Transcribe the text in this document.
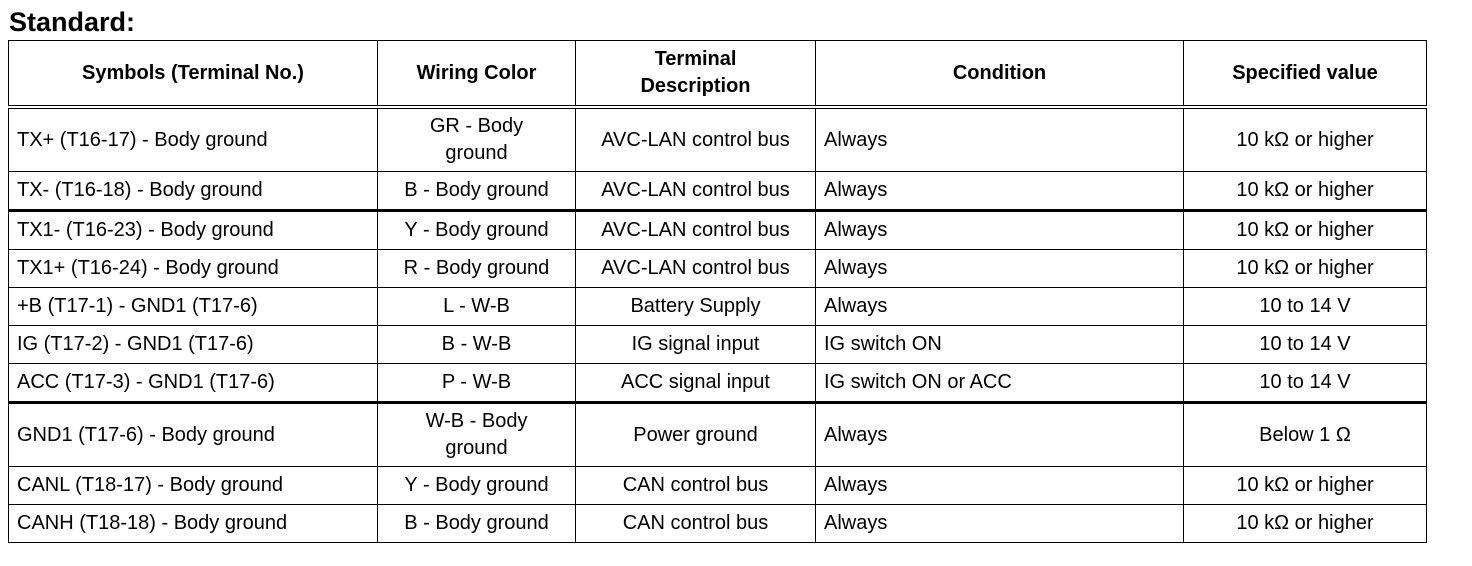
Standard:
Symbols (Terminal No.)	Wiring Color	Terminal Description	Condition	Specified value
TX+ (T16-17) - Body ground	GR - Body ground	AVC-LAN control bus	Always	10 kΩ or higher
TX- (T16-18) - Body ground	B - Body ground	AVC-LAN control bus	Always	10 kΩ or higher
TX1- (T16-23) - Body ground	Y - Body ground	AVC-LAN control bus	Always	10 kΩ or higher
TX1+ (T16-24) - Body ground	R - Body ground	AVC-LAN control bus	Always	10 kΩ or higher
+B (T17-1) - GND1 (T17-6)	L - W-B	Battery Supply	Always	10 to 14 V
IG (T17-2) - GND1 (T17-6)	B - W-B	IG signal input	IG switch ON	10 to 14 V
ACC (T17-3) - GND1 (T17-6)	P - W-B	ACC signal input	IG switch ON or ACC	10 to 14 V
GND1 (T17-6) - Body ground	W-B - Body ground	Power ground	Always	Below 1 Ω
CANL (T18-17) - Body ground	Y - Body ground	CAN control bus	Always	10 kΩ or higher
CANH (T18-18) - Body ground	B - Body ground	CAN control bus	Always	10 kΩ or higher
